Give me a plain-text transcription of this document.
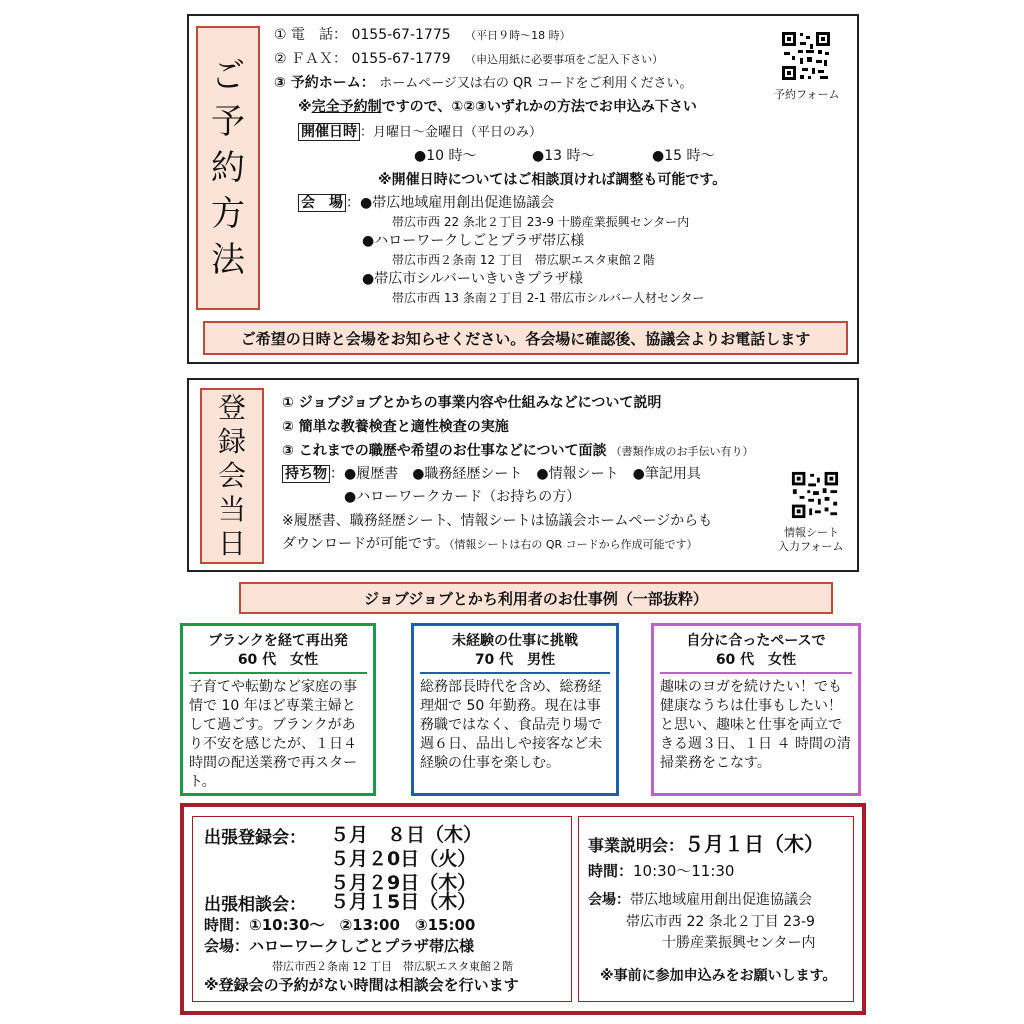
ご
予
約
方
法
① 電　話： 0155-67-1775 （平日９時～18 時）
② ＦＡＸ： 0155-67-1779 （申込用紙に必要事項をご記入下さい）
③ 予約ホーム： ホームページ又は右の QR コードをご利用ください。
※完全予約制ですので、①②③いずれかの方法でお申込み下さい
予約フォーム
開催日時 ：月曜日～金曜日（平日のみ）
●10 時～	●13 時～	●15 時～
※開催日時についてはご相談頂ければ調整も可能です。
会　場 ：●帯広地域雇用創出促進協議会
帯広市西 22 条北２丁目 23-9 十勝産業振興センター内
●ハローワークしごとプラザ帯広様
帯広市西２条南 12 丁目　帯広駅エスタ東館２階
●帯広市シルバーいきいきプラザ様
帯広市西 13 条南２丁目 2-1 帯広市シルバー人材センター
ご希望の日時と会場をお知らせください。各会場に確認後、協議会よりお電話します
登
録
会
当
日
① ジョブジョブとかちの事業内容や仕組みなどについて説明
② 簡単な教養検査と適性検査の実施
③ これまでの職歴や希望のお仕事などについて面談 （書類作成のお手伝い有り）
持ち物 ：●履歴書　●職務経歴シート　●情報シート　●筆記用具
●ハローワークカード（お持ちの方）
※履歴書、職務経歴シート、情報シートは協議会ホームページからも
ダウンロードが可能です。（情報シートは右の QR コードから作成可能です）
情報シート
入力フォーム
ジョブジョブとかち利用者のお仕事例（一部抜粋）
ブランクを経て再出発
60 代　女性
子育てや転勤など家庭の事情で 10 年ほど専業主婦として過ごす。ブランクがあり不安を感じたが、１日４時間の配送業務で再スタート。
未経験の仕事に挑戦
70 代　男性
総務部長時代を含め、総務経理畑で 50 年勤務。現在は事務職ではなく、食品売り場で週６日、品出しや接客など未経験の仕事を楽しむ。
自分に合ったペースで
60 代　女性
趣味のヨガを続けたい！でも健康なうちは仕事もしたい！と思い、趣味と仕事を両立できる週３日、１日 ４ 時間の清掃業務をこなす。
出張登録会： ５月　８日（木）
５月２0日（火）
５月２9日（木）
出張相談会： ５月１5日（木）
時間：①10:30～　②13:00　③15:00
会場：ハローワークしごとプラザ帯広様
帯広市西２条南 12 丁目　帯広駅エスタ東館２階
※登録会の予約がない時間は相談会を行います
事業説明会：５月１日（木）
時間：10:30～11:30
会場：帯広地域雇用創出促進協議会
帯広市西 22 条北２丁目 23-9
十勝産業振興センター内
※事前に参加申込みをお願いします。
